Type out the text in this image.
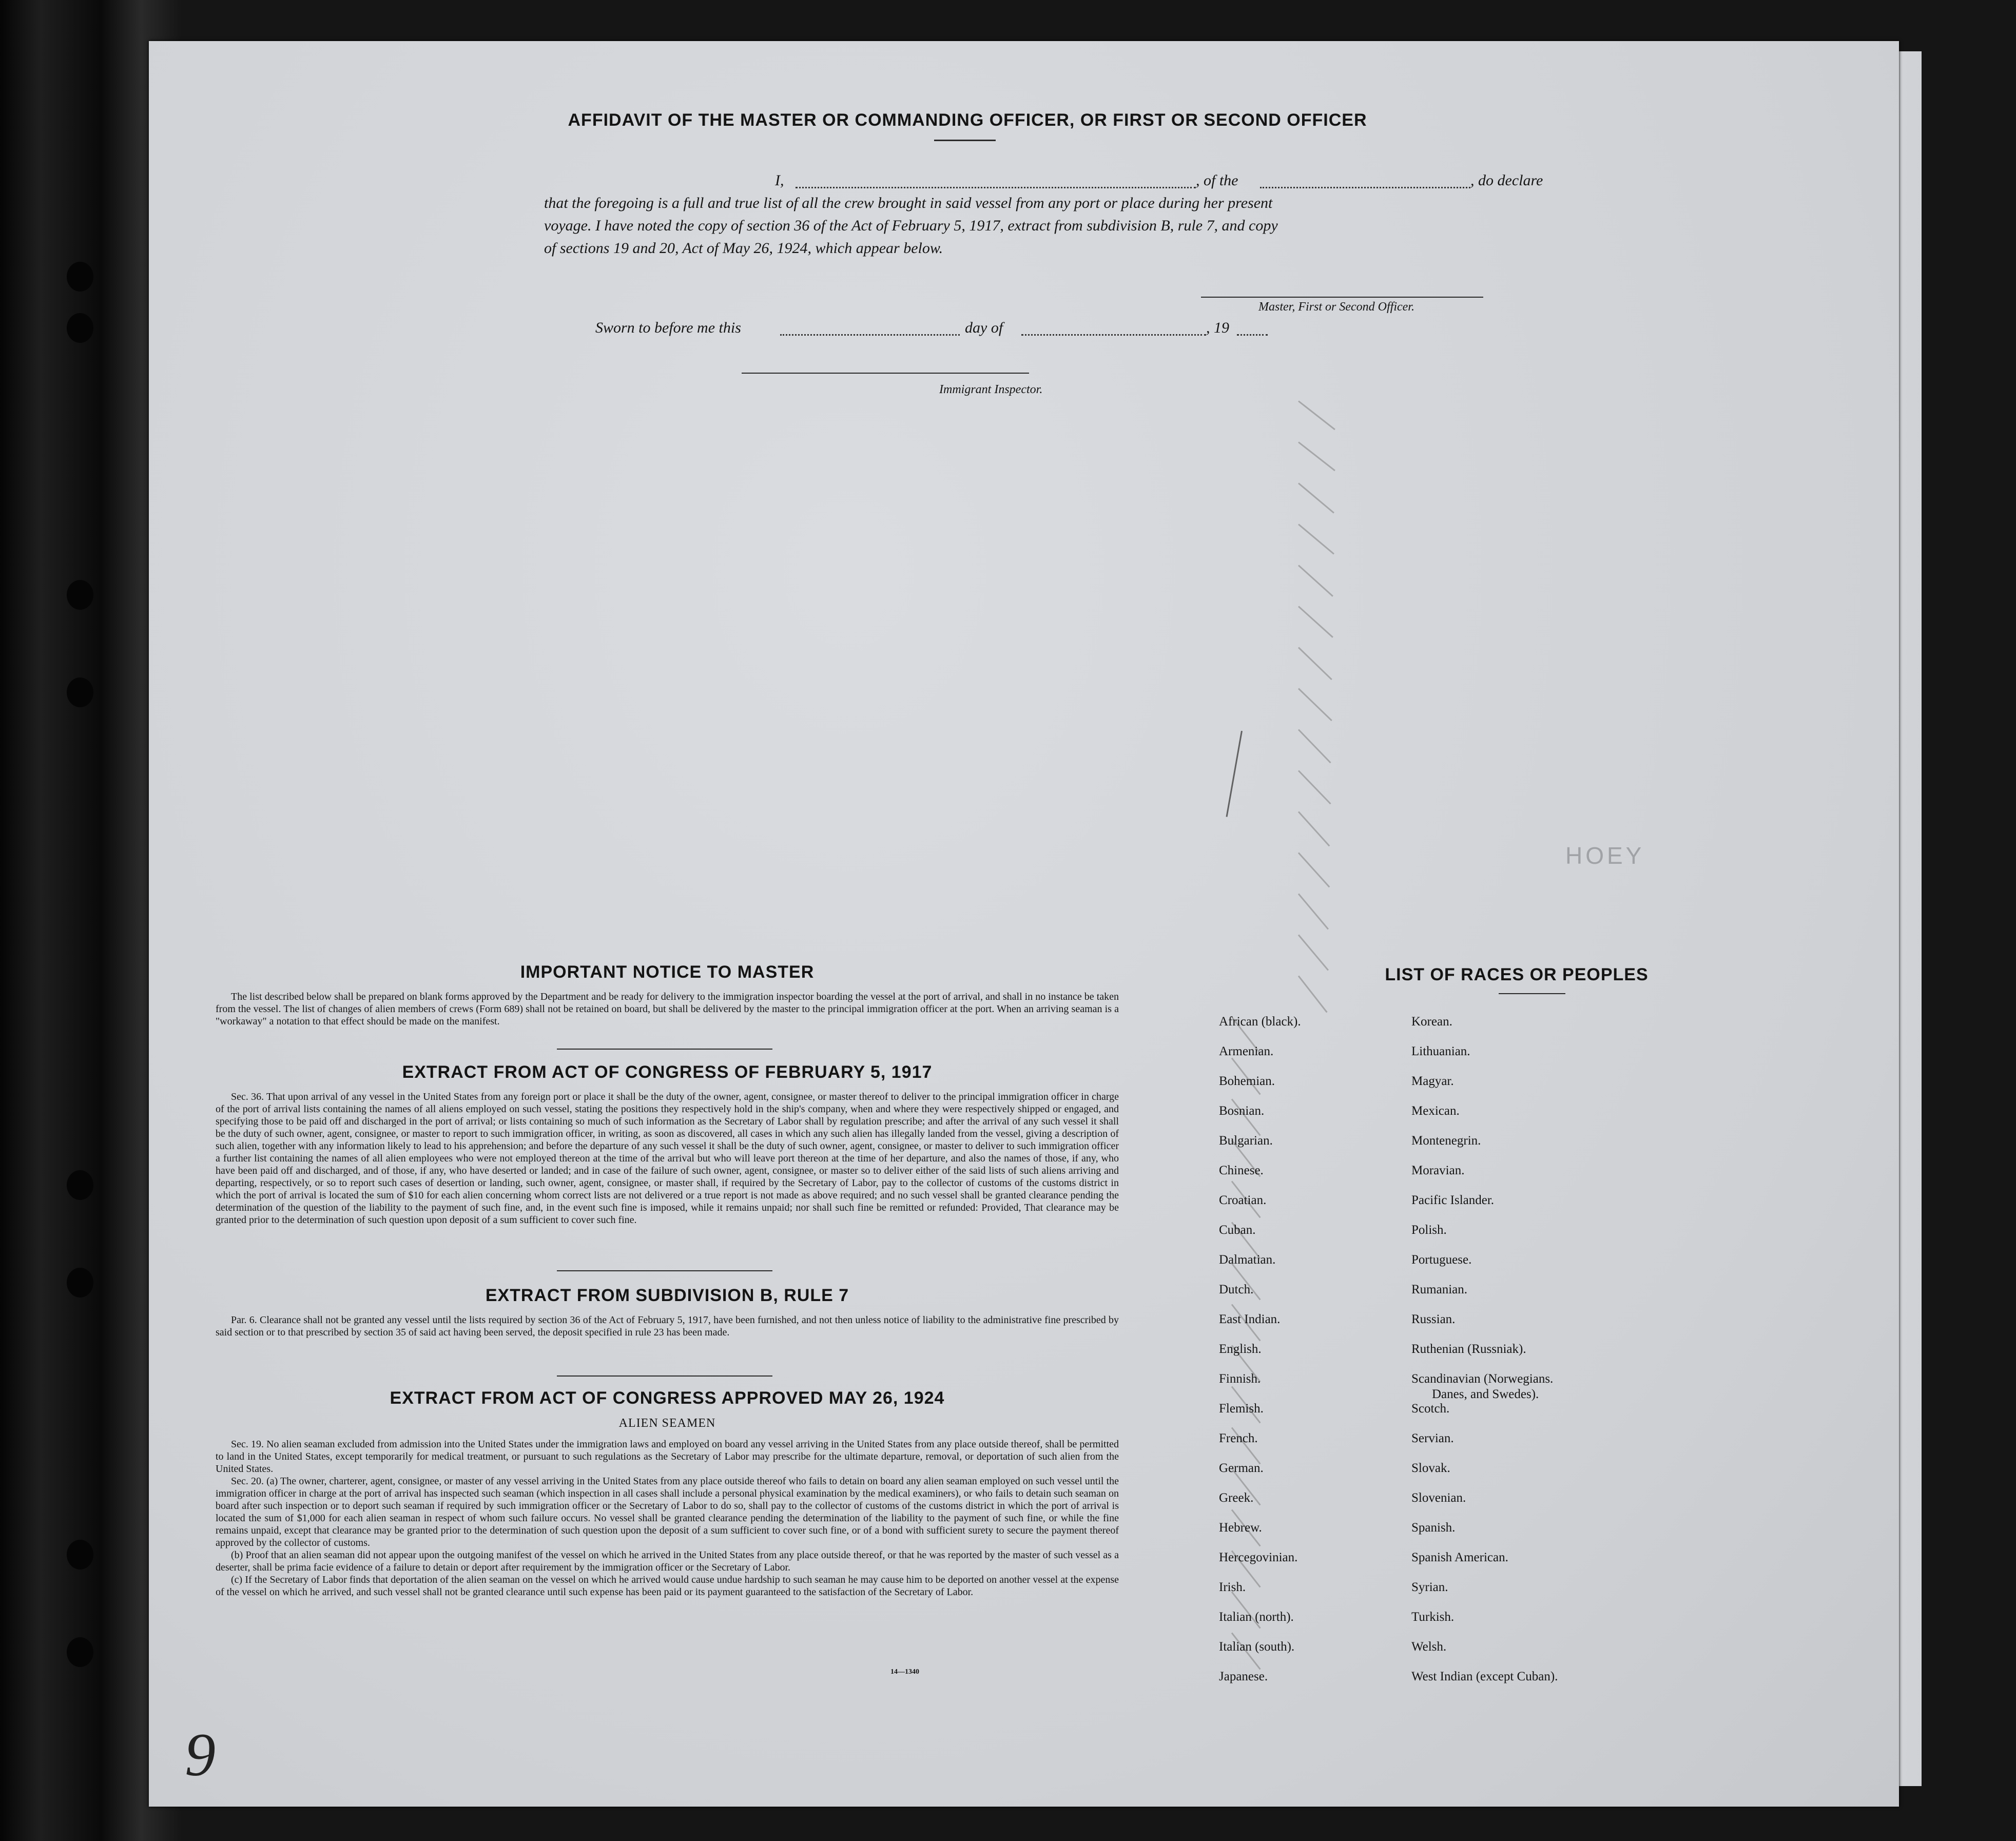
AFFIDAVIT OF THE MASTER OR COMMANDING OFFICER, OR FIRST OR SECOND OFFICER
I,	, of the	, do declare
that the foregoing is a full and true list of all the crew brought in said vessel from any port or place during her present
voyage. I have noted the copy of section 36 of the Act of February 5, 1917, extract from subdivision B, rule 7, and copy
of sections 19 and 20, Act of May 26, 1924, which appear below.
Master, First or Second Officer.
Sworn to before me this	day of	, 19
Immigrant Inspector.
HOEY
IMPORTANT NOTICE TO MASTER
The list described below shall be prepared on blank forms approved by the Department and be ready for delivery to the immigration inspector boarding the vessel at the port of arrival, and shall in no instance be taken from the vessel. The list of changes of alien members of crews (Form 689) shall not be retained on board, but shall be delivered by the master to the principal immigration officer at the port. When an arriving seaman is a "workaway" a notation to that effect should be made on the manifest.
EXTRACT FROM ACT OF CONGRESS OF FEBRUARY 5, 1917
Sec. 36. That upon arrival of any vessel in the United States from any foreign port or place it shall be the duty of the owner, agent, consignee, or master thereof to deliver to the principal immigration officer in charge of the port of arrival lists containing the names of all aliens employed on such vessel, stating the positions they respectively hold in the ship's company, when and where they were respectively shipped or engaged, and specifying those to be paid off and discharged in the port of arrival; or lists containing so much of such information as the Secretary of Labor shall by regulation prescribe; and after the arrival of any such vessel it shall be the duty of such owner, agent, consignee, or master to report to such immigration officer, in writing, as soon as discovered, all cases in which any such alien has illegally landed from the vessel, giving a description of such alien, together with any information likely to lead to his apprehension; and before the departure of any such vessel it shall be the duty of such owner, agent, consignee, or master to deliver to such immigration officer a further list containing the names of all alien employees who were not employed thereon at the time of the arrival but who will leave port thereon at the time of her departure, and also the names of those, if any, who have been paid off and discharged, and of those, if any, who have deserted or landed; and in case of the failure of such owner, agent, consignee, or master so to deliver either of the said lists of such aliens arriving and departing, respectively, or so to report such cases of desertion or landing, such owner, agent, consignee, or master shall, if required by the Secretary of Labor, pay to the collector of customs of the customs district in which the port of arrival is located the sum of $10 for each alien concerning whom correct lists are not delivered or a true report is not made as above required; and no such vessel shall be granted clearance pending the determination of the question of the liability to the payment of such fine, and, in the event such fine is imposed, while it remains unpaid; nor shall such fine be remitted or refunded: Provided, That clearance may be granted prior to the determination of such question upon deposit of a sum sufficient to cover such fine.
EXTRACT FROM SUBDIVISION B, RULE 7
Par. 6. Clearance shall not be granted any vessel until the lists required by section 36 of the Act of February 5, 1917, have been furnished, and not then unless notice of liability to the administrative fine prescribed by said section or to that prescribed by section 35 of said act having been served, the deposit specified in rule 23 has been made.
EXTRACT FROM ACT OF CONGRESS APPROVED MAY 26, 1924
ALIEN SEAMEN
Sec. 19. No alien seaman excluded from admission into the United States under the immigration laws and employed on board any vessel arriving in the United States from any place outside thereof, shall be permitted to land in the United States, except temporarily for medical treatment, or pursuant to such regulations as the Secretary of Labor may prescribe for the ultimate departure, removal, or deportation of such alien from the United States.
Sec. 20. (a) The owner, charterer, agent, consignee, or master of any vessel arriving in the United States from any place outside thereof who fails to detain on board any alien seaman employed on such vessel until the immigration officer in charge at the port of arrival has inspected such seaman (which inspection in all cases shall include a personal physical examination by the medical examiners), or who fails to detain such seaman on board after such inspection or to deport such seaman if required by such immigration officer or the Secretary of Labor to do so, shall pay to the collector of customs of the customs district in which the port of arrival is located the sum of $1,000 for each alien seaman in respect of whom such failure occurs. No vessel shall be granted clearance pending the determination of the liability to the payment of such fine, or while the fine remains unpaid, except that clearance may be granted prior to the determination of such question upon the deposit of a sum sufficient to cover such fine, or of a bond with sufficient surety to secure the payment thereof approved by the collector of customs.
(b) Proof that an alien seaman did not appear upon the outgoing manifest of the vessel on which he arrived in the United States from any place outside thereof, or that he was reported by the master of such vessel as a deserter, shall be prima facie evidence of a failure to detain or deport after requirement by the immigration officer or the Secretary of Labor.
(c) If the Secretary of Labor finds that deportation of the alien seaman on the vessel on which he arrived would cause undue hardship to such seaman he may cause him to be deported on another vessel at the expense of the vessel on which he arrived, and such vessel shall not be granted clearance until such expense has been paid or its payment guaranteed to the satisfaction of the Secretary of Labor.
14—1340
LIST OF RACES OR PEOPLES
African (black).
Armenian.
Bohemian.
Bosnian.
Bulgarian.
Chinese.
Croatian.
Cuban.
Dalmatian.
Dutch.
East Indian.
English.
Finnish.
Flemish.
French.
German.
Greek.
Hebrew.
Hercegovinian.
Irish.
Italian (north).
Italian (south).
Japanese.
Korean.
Lithuanian.
Magyar.
Mexican.
Montenegrin.
Moravian.
Pacific Islander.
Polish.
Portuguese.
Rumanian.
Russian.
Ruthenian (Russniak).
Scandinavian (Norwegians.
Danes, and Swedes).
Scotch.
Servian.
Slovak.
Slovenian.
Spanish.
Spanish American.
Syrian.
Turkish.
Welsh.
West Indian (except Cuban).
9
